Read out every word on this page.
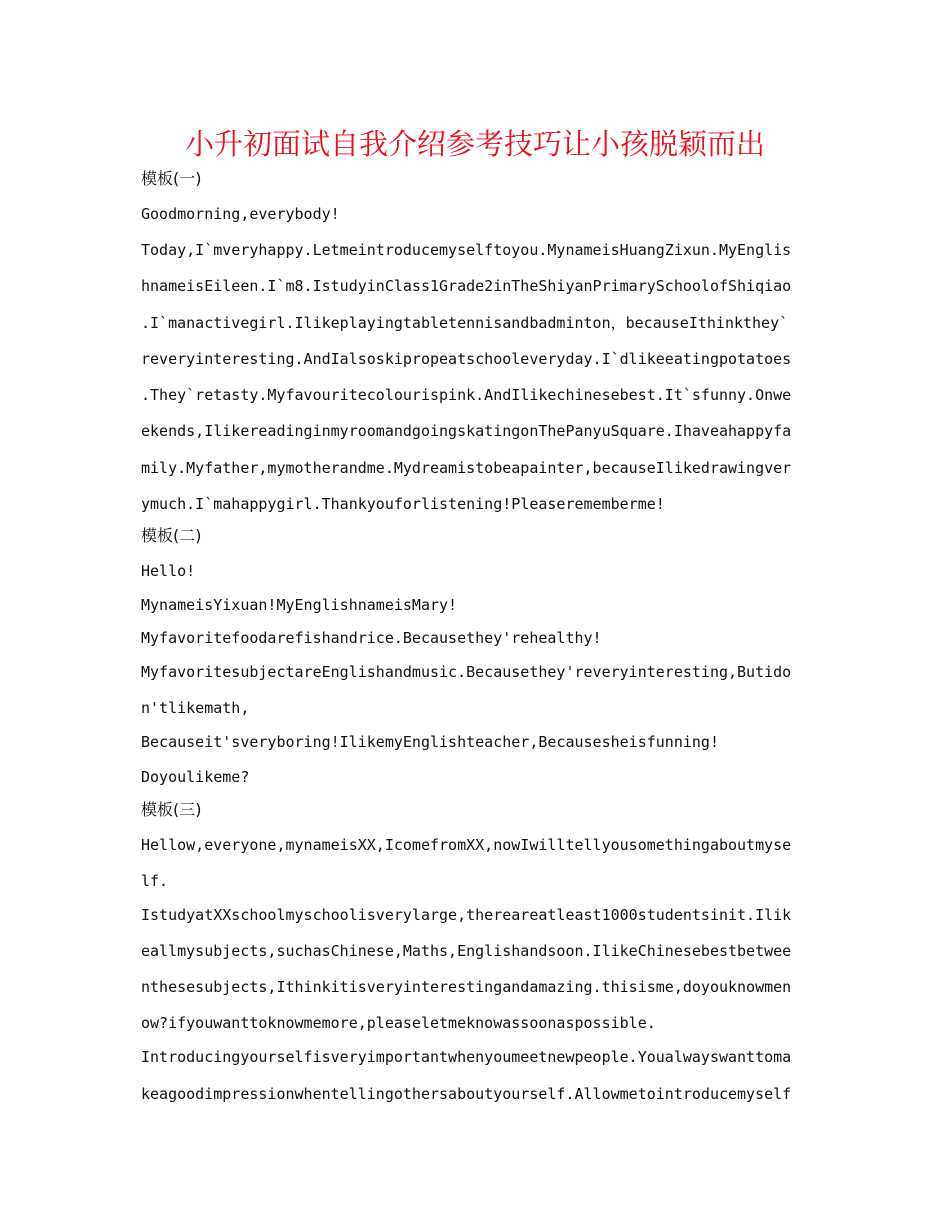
小升初面试自我介绍参考技巧让小孩脱颖而出
模板(一)
Goodmorning,everybody!
Today,I`mveryhappy.Letmeintroducemyselftoyou.MynameisHuangZixun.MyEnglis
hnameisEileen.I`m8.IstudyinClass1Grade2inTheShiyanPrimarySchoolofShiqiao
.I`manactivegirl.Ilikeplayingtabletennisandbadminton，becauseIthinkthey`
reveryinteresting.AndIalsoskipropeatschooleveryday.I`dlikeeatingpotatoes
.They`retasty.Myfavouritecolourispink.AndIlikechinesebest.It`sfunny.Onwe
ekends,IlikereadinginmyroomandgoingskatingonThePanyuSquare.Ihaveahappyfa
mily.Myfather,mymotherandme.Mydreamistobeapainter,becauseIlikedrawingver
ymuch.I`mahappygirl.Thankyouforlistening!Pleaserememberme!
模板(二)
Hello!
MynameisYixuan!MyEnglishnameisMary!
Myfavoritefoodarefishandrice.Becausethey'rehealthy!
MyfavoritesubjectareEnglishandmusic.Becausethey'reveryinteresting,Butido
n'tlikemath,
Becauseit'sveryboring!IlikemyEnglishteacher,Becausesheisfunning!
Doyoulikeme?
模板(三)
Hellow,everyone,mynameisXX,IcomefromXX,nowIwilltellyousomethingaboutmyse
lf.
IstudyatXXschoolmyschoolisverylarge,thereareatleast1000studentsinit.Ilik
eallmysubjects,suchasChinese,Maths,Englishandsoon.IlikeChinesebestbetwee
nthesesubjects,Ithinkitisveryinterestingandamazing.thisisme,doyouknowmen
ow?ifyouwanttoknowmemore,pleaseletmeknowassoonaspossible.
Introducingyourselfisveryimportantwhenyoumeetnewpeople.Youalwayswanttoma
keagoodimpressionwhentellingothersaboutyourself.Allowmetointroducemyself
